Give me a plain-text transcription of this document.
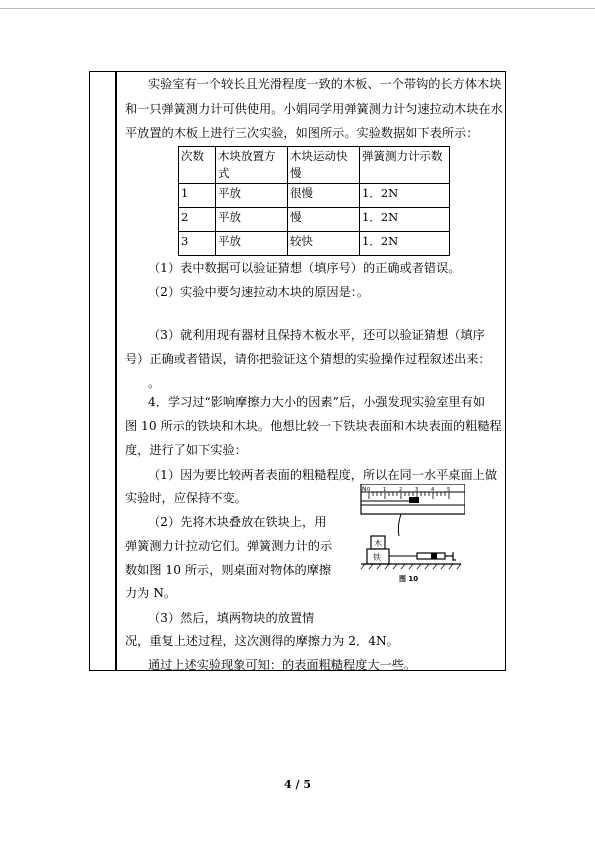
实验室有一个较长且光滑程度一致的木板、一个带钩的长方体木块
和一只弹簧测力计可供使用。小娟同学用弹簧测力计匀速拉动木块在水
平放置的木板上进行三次实验，如图所示。实验数据如下表所示：
次数	木块放置方式	木块运动快慢	弹簧测力计示数
1	平放	很慢	1．2N
2	平放	慢	1．2N
3	平放	较快	1．2N
（1）表中数据可以验证猜想（填序号）的正确或者错误。
（2）实验中要匀速拉动木块的原因是：。
（3）就利用现有器材且保持木板水平，还可以验证猜想（填序
号）正确或者错误，请你把验证这个猜想的实验操作过程叙述出来：
。
4．学习过“影响摩擦力大小的因素”后，小强发现实验室里有如
图 10 所示的铁块和木块。他想比较一下铁块表面和木块表面的粗糙程
度，进行了如下实验：
（1）因为要比较两者表面的粗糙程度，所以在同一水平桌面上做
实验时，应保持不变。
（2）先将木块叠放在铁块上，用
弹簧测力计拉动它们。弹簧测力计的示
数如图 10 所示，则桌面对物体的摩擦
力为 N。
（3）然后，填两物块的放置情
况，重复上述过程，这次测得的摩擦力为 2．4N。
通过上述实验现象可知：的表面粗糙程度大一些。
N 0	1	2	3	4	5
木
铁
图 10
4 / 5
